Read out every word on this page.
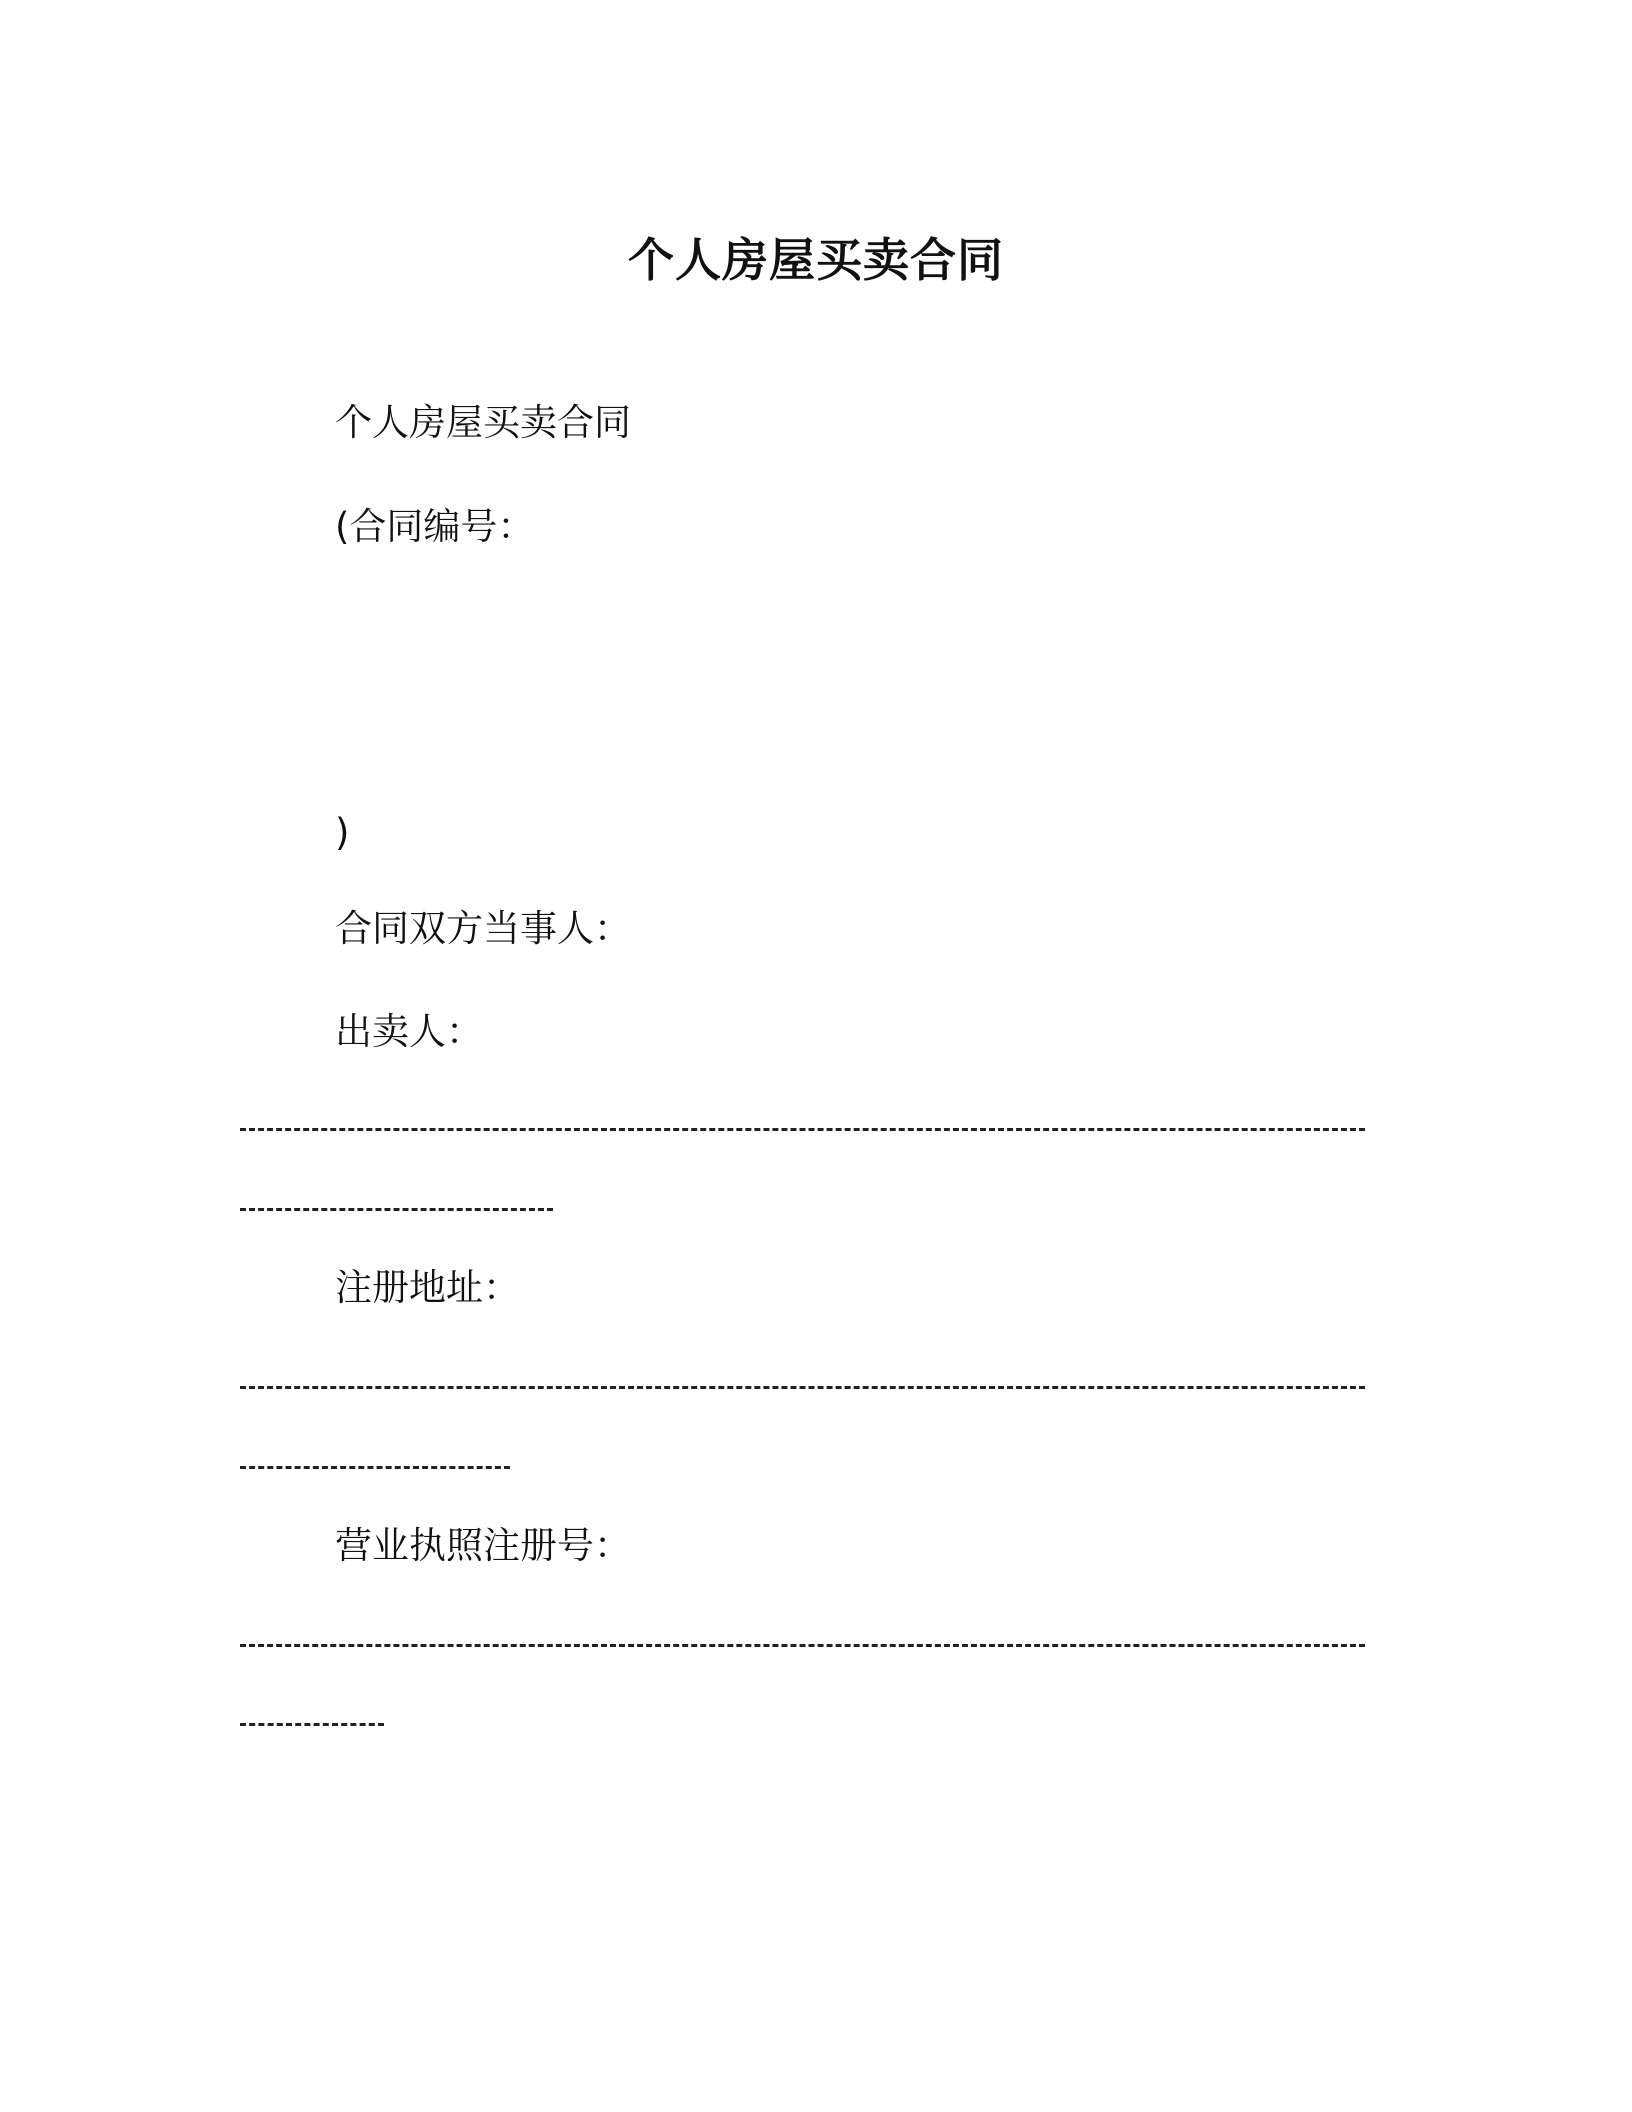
个人房屋买卖合同
个人房屋买卖合同
(合同编号：
)
合同双方当事人：
出卖人：
注册地址：
营业执照注册号：
